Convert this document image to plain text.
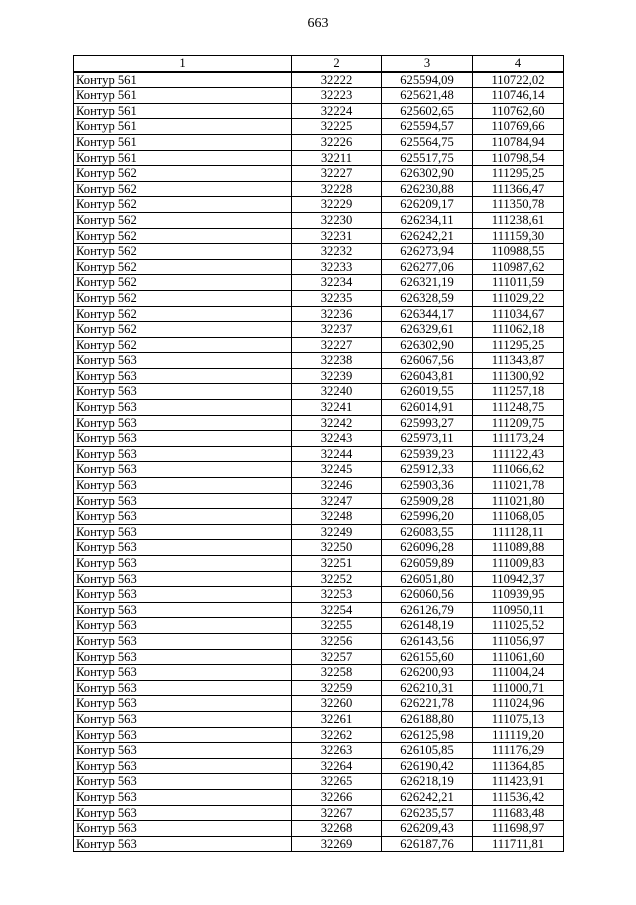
663
1	2	3	4
Контур 561	32222	625594,09	110722,02
Контур 561	32223	625621,48	110746,14
Контур 561	32224	625602,65	110762,60
Контур 561	32225	625594,57	110769,66
Контур 561	32226	625564,75	110784,94
Контур 561	32211	625517,75	110798,54
Контур 562	32227	626302,90	111295,25
Контур 562	32228	626230,88	111366,47
Контур 562	32229	626209,17	111350,78
Контур 562	32230	626234,11	111238,61
Контур 562	32231	626242,21	111159,30
Контур 562	32232	626273,94	110988,55
Контур 562	32233	626277,06	110987,62
Контур 562	32234	626321,19	111011,59
Контур 562	32235	626328,59	111029,22
Контур 562	32236	626344,17	111034,67
Контур 562	32237	626329,61	111062,18
Контур 562	32227	626302,90	111295,25
Контур 563	32238	626067,56	111343,87
Контур 563	32239	626043,81	111300,92
Контур 563	32240	626019,55	111257,18
Контур 563	32241	626014,91	111248,75
Контур 563	32242	625993,27	111209,75
Контур 563	32243	625973,11	111173,24
Контур 563	32244	625939,23	111122,43
Контур 563	32245	625912,33	111066,62
Контур 563	32246	625903,36	111021,78
Контур 563	32247	625909,28	111021,80
Контур 563	32248	625996,20	111068,05
Контур 563	32249	626083,55	111128,11
Контур 563	32250	626096,28	111089,88
Контур 563	32251	626059,89	111009,83
Контур 563	32252	626051,80	110942,37
Контур 563	32253	626060,56	110939,95
Контур 563	32254	626126,79	110950,11
Контур 563	32255	626148,19	111025,52
Контур 563	32256	626143,56	111056,97
Контур 563	32257	626155,60	111061,60
Контур 563	32258	626200,93	111004,24
Контур 563	32259	626210,31	111000,71
Контур 563	32260	626221,78	111024,96
Контур 563	32261	626188,80	111075,13
Контур 563	32262	626125,98	111119,20
Контур 563	32263	626105,85	111176,29
Контур 563	32264	626190,42	111364,85
Контур 563	32265	626218,19	111423,91
Контур 563	32266	626242,21	111536,42
Контур 563	32267	626235,57	111683,48
Контур 563	32268	626209,43	111698,97
Контур 563	32269	626187,76	111711,81
